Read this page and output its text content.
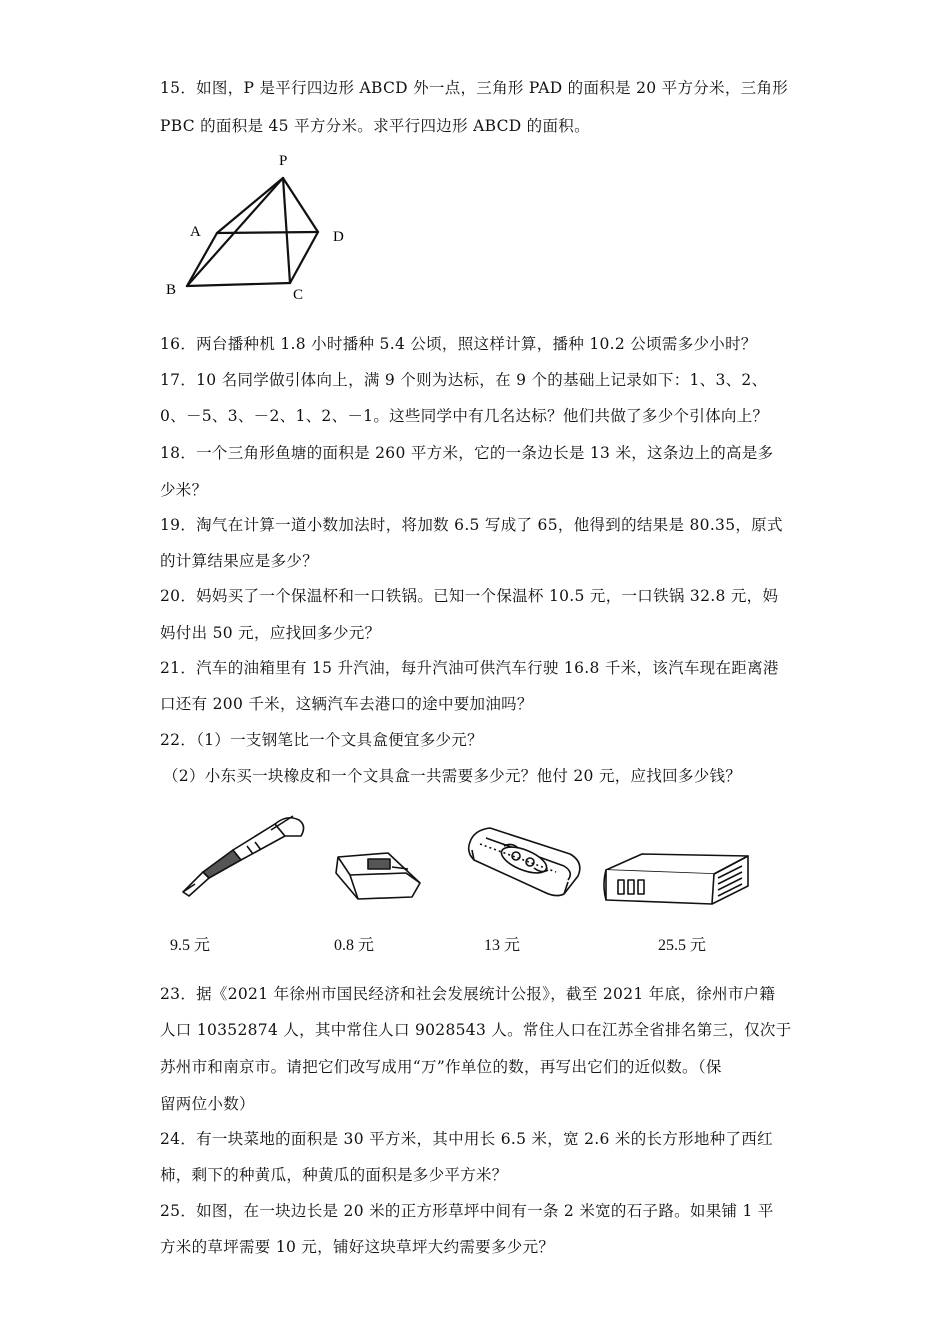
15．如图，P 是平行四边形 ABCD 外一点，三角形 PAD 的面积是 20 平方分米，三角形
PBC 的面积是 45 平方分米。求平行四边形 ABCD 的面积。
P
A	D
B	C
16．两台播种机 1.8 小时播种 5.4 公顷，照这样计算，播种 10.2 公顷需多少小时？
17．10 名同学做引体向上，满 9 个则为达标，在 9 个的基础上记录如下：1、3、2、
0、－5、3、－2、1、2、－1。这些同学中有几名达标？他们共做了多少个引体向上？
18．一个三角形鱼塘的面积是 260 平方米，它的一条边长是 13 米，这条边上的高是多
少米？
19．淘气在计算一道小数加法时，将加数 6.5 写成了 65，他得到的结果是 80.35，原式
的计算结果应是多少？
20．妈妈买了一个保温杯和一口铁锅。已知一个保温杯 10.5 元，一口铁锅 32.8 元，妈
妈付出 50 元，应找回多少元？
21．汽车的油箱里有 15 升汽油，每升汽油可供汽车行驶 16.8 千米，该汽车现在距离港
口还有 200 千米，这辆汽车去港口的途中要加油吗？
22．（1）一支钢笔比一个文具盒便宜多少元？
（2）小东买一块橡皮和一个文具盒一共需要多少元？他付 20 元，应找回多少钱？
9.5 元	0.8 元	13 元	25.5 元
23．据《2021 年徐州市国民经济和社会发展统计公报》，截至 2021 年底，徐州市户籍
人口 10352874 人，其中常住人口 9028543 人。常住人口在江苏全省排名第三，仅次于
苏州市和南京市。请把它们改写成用“万”作单位的数，再写出它们的近似数。（保
留两位小数）
24．有一块菜地的面积是 30 平方米，其中用长 6.5 米，宽 2.6 米的长方形地种了西红
柿，剩下的种黄瓜，种黄瓜的面积是多少平方米？
25．如图，在一块边长是 20 米的正方形草坪中间有一条 2 米宽的石子路。如果铺 1 平
方米的草坪需要 10 元，铺好这块草坪大约需要多少元？
